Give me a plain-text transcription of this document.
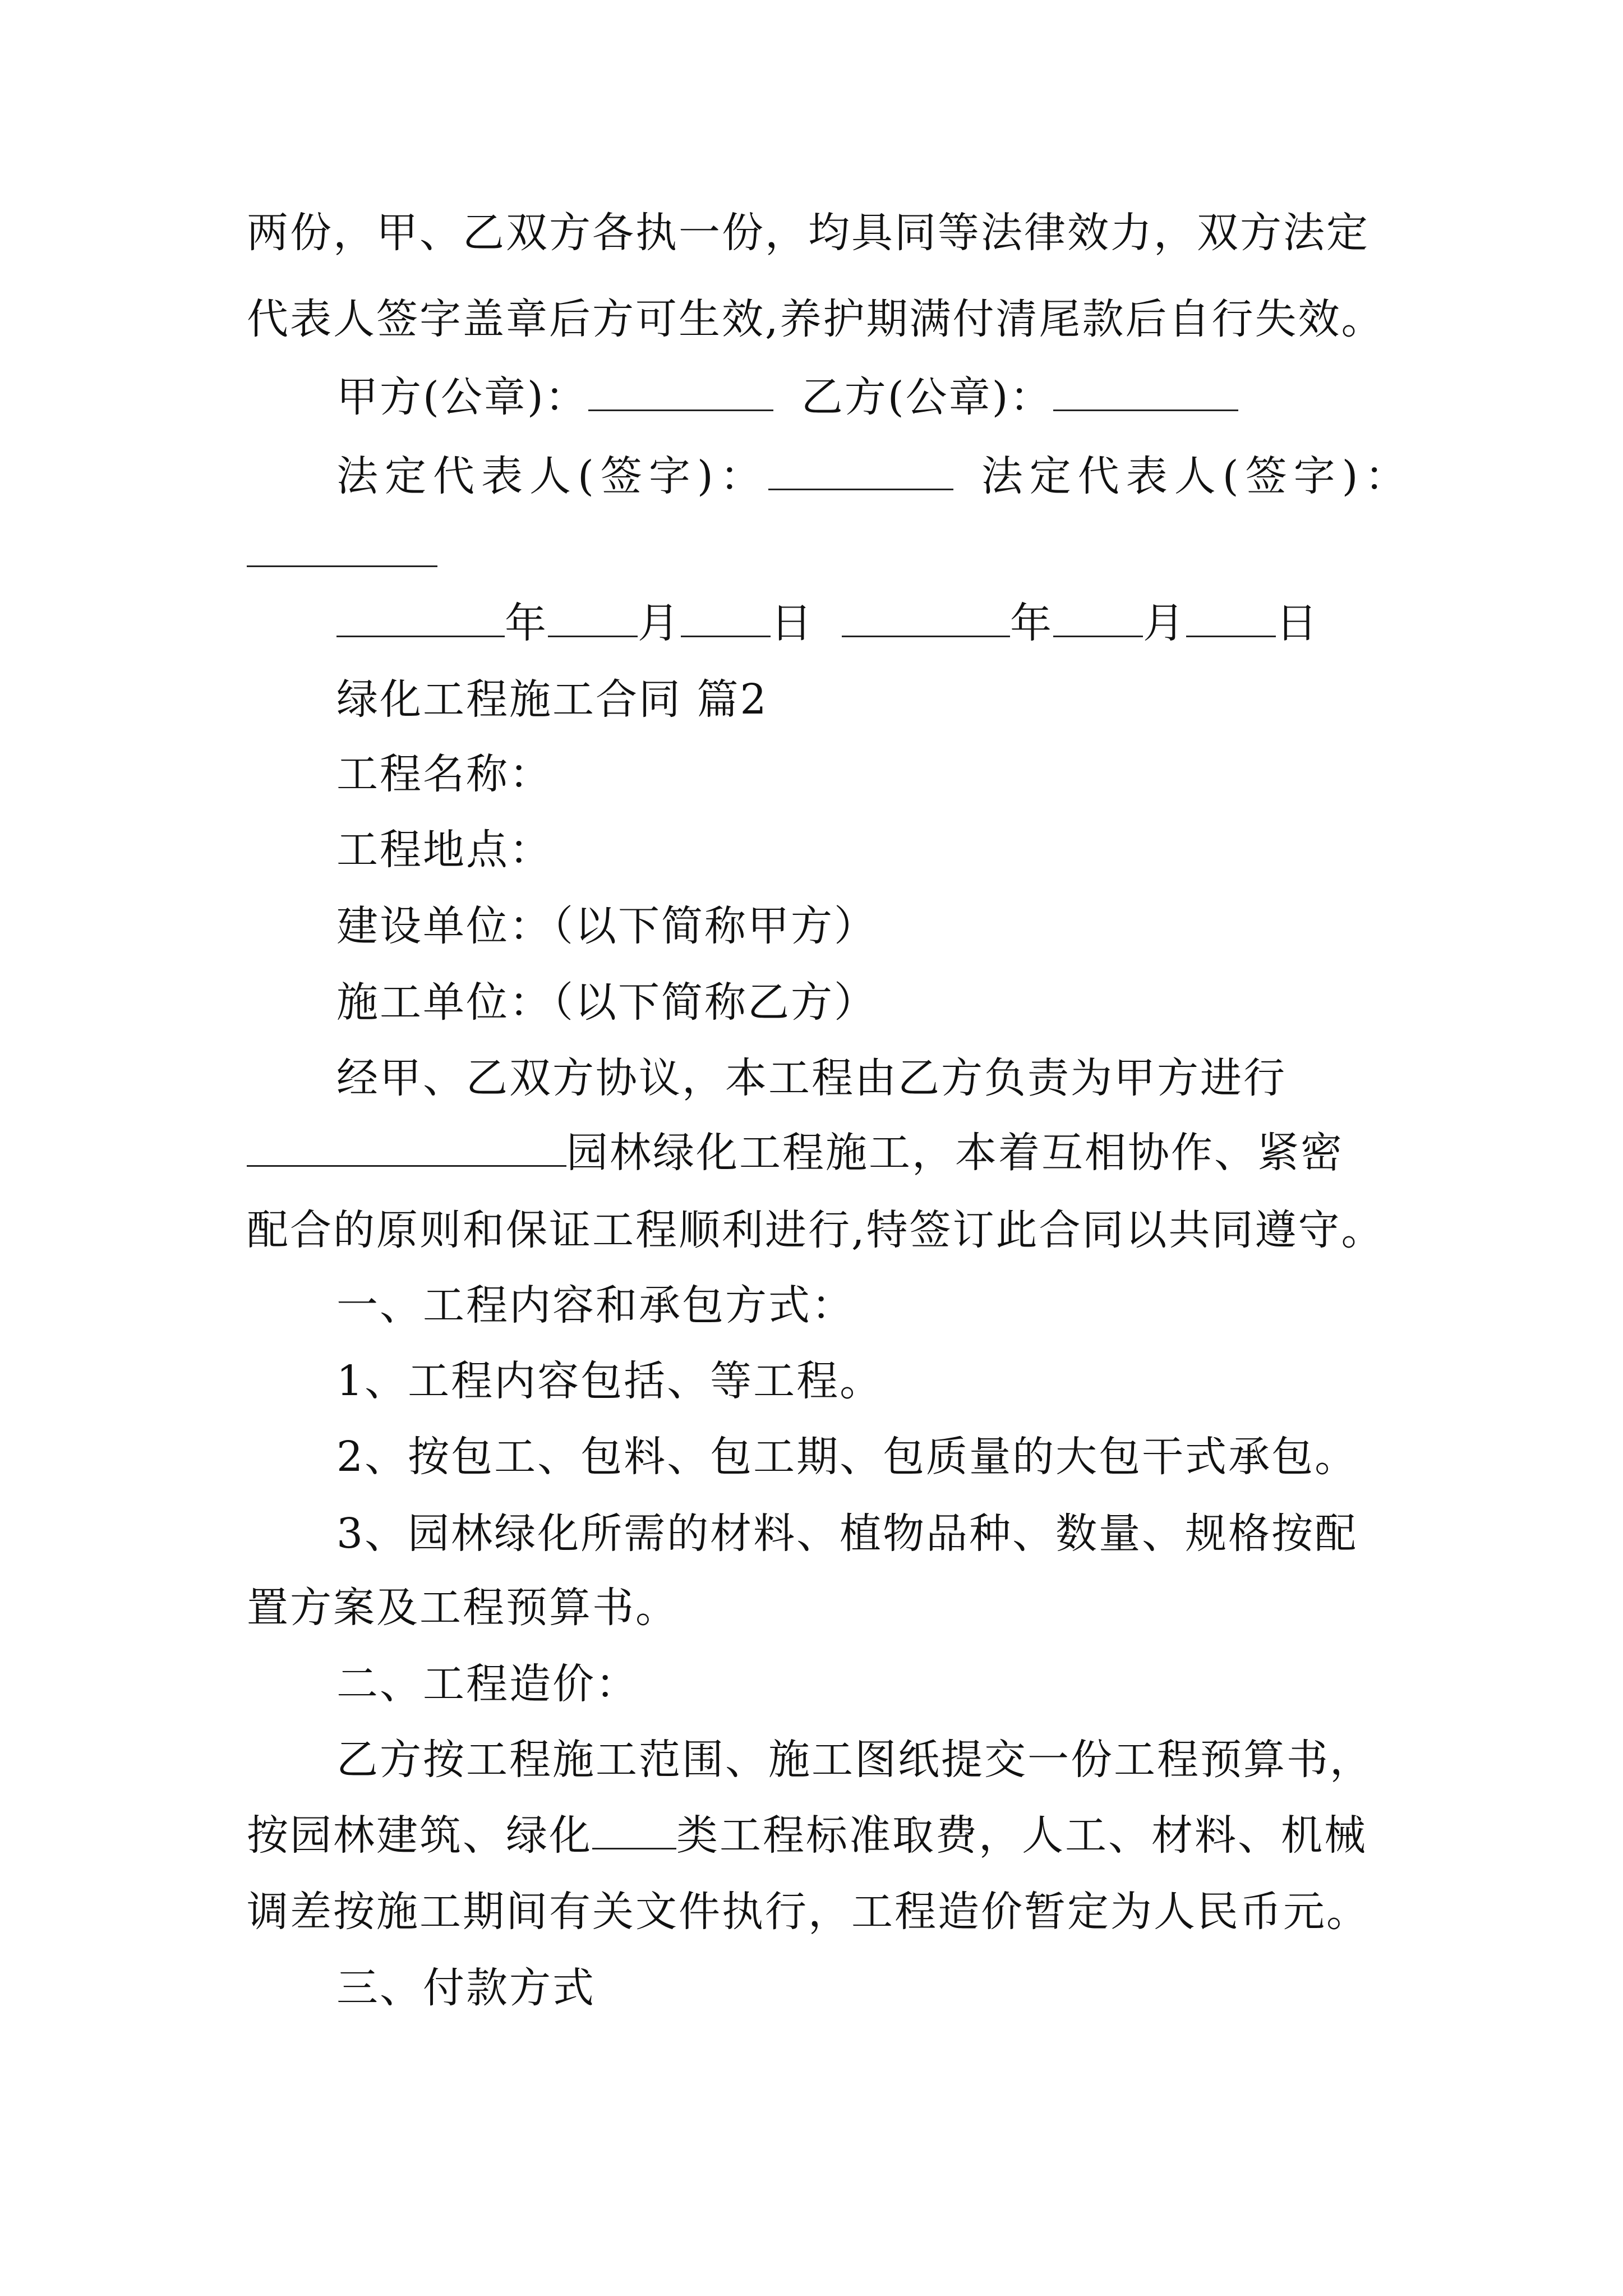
两份，甲、乙双方各执一份，均具同等法律效力，双方法定
代表人签字盖章后方可生效,养护期满付清尾款后自行失效。
甲方(公章)：	乙方(公章)：
法定代表人(签字)：	法定代表人(签字)：
年 月 日	年 月 日
绿化工程施工合同 篇2
工程名称：
工程地点：
建设单位：（以下简称甲方）
施工单位：（以下简称乙方）
经甲、乙双方协议，本工程由乙方负责为甲方进行
园林绿化工程施工，本着互相协作、紧密
配合的原则和保证工程顺利进行,特签订此合同以共同遵守。
一、工程内容和承包方式：
1、工程内容包括、等工程。
2、按包工、包料、包工期、包质量的大包干式承包。
3、园林绿化所需的材料、植物品种、数量、规格按配
置方案及工程预算书。
二、工程造价：
乙方按工程施工范围、施工图纸提交一份工程预算书，
按园林建筑、绿化 类工程标准取费，人工、材料、机械
调差按施工期间有关文件执行，工程造价暂定为人民币元。
三、付款方式
